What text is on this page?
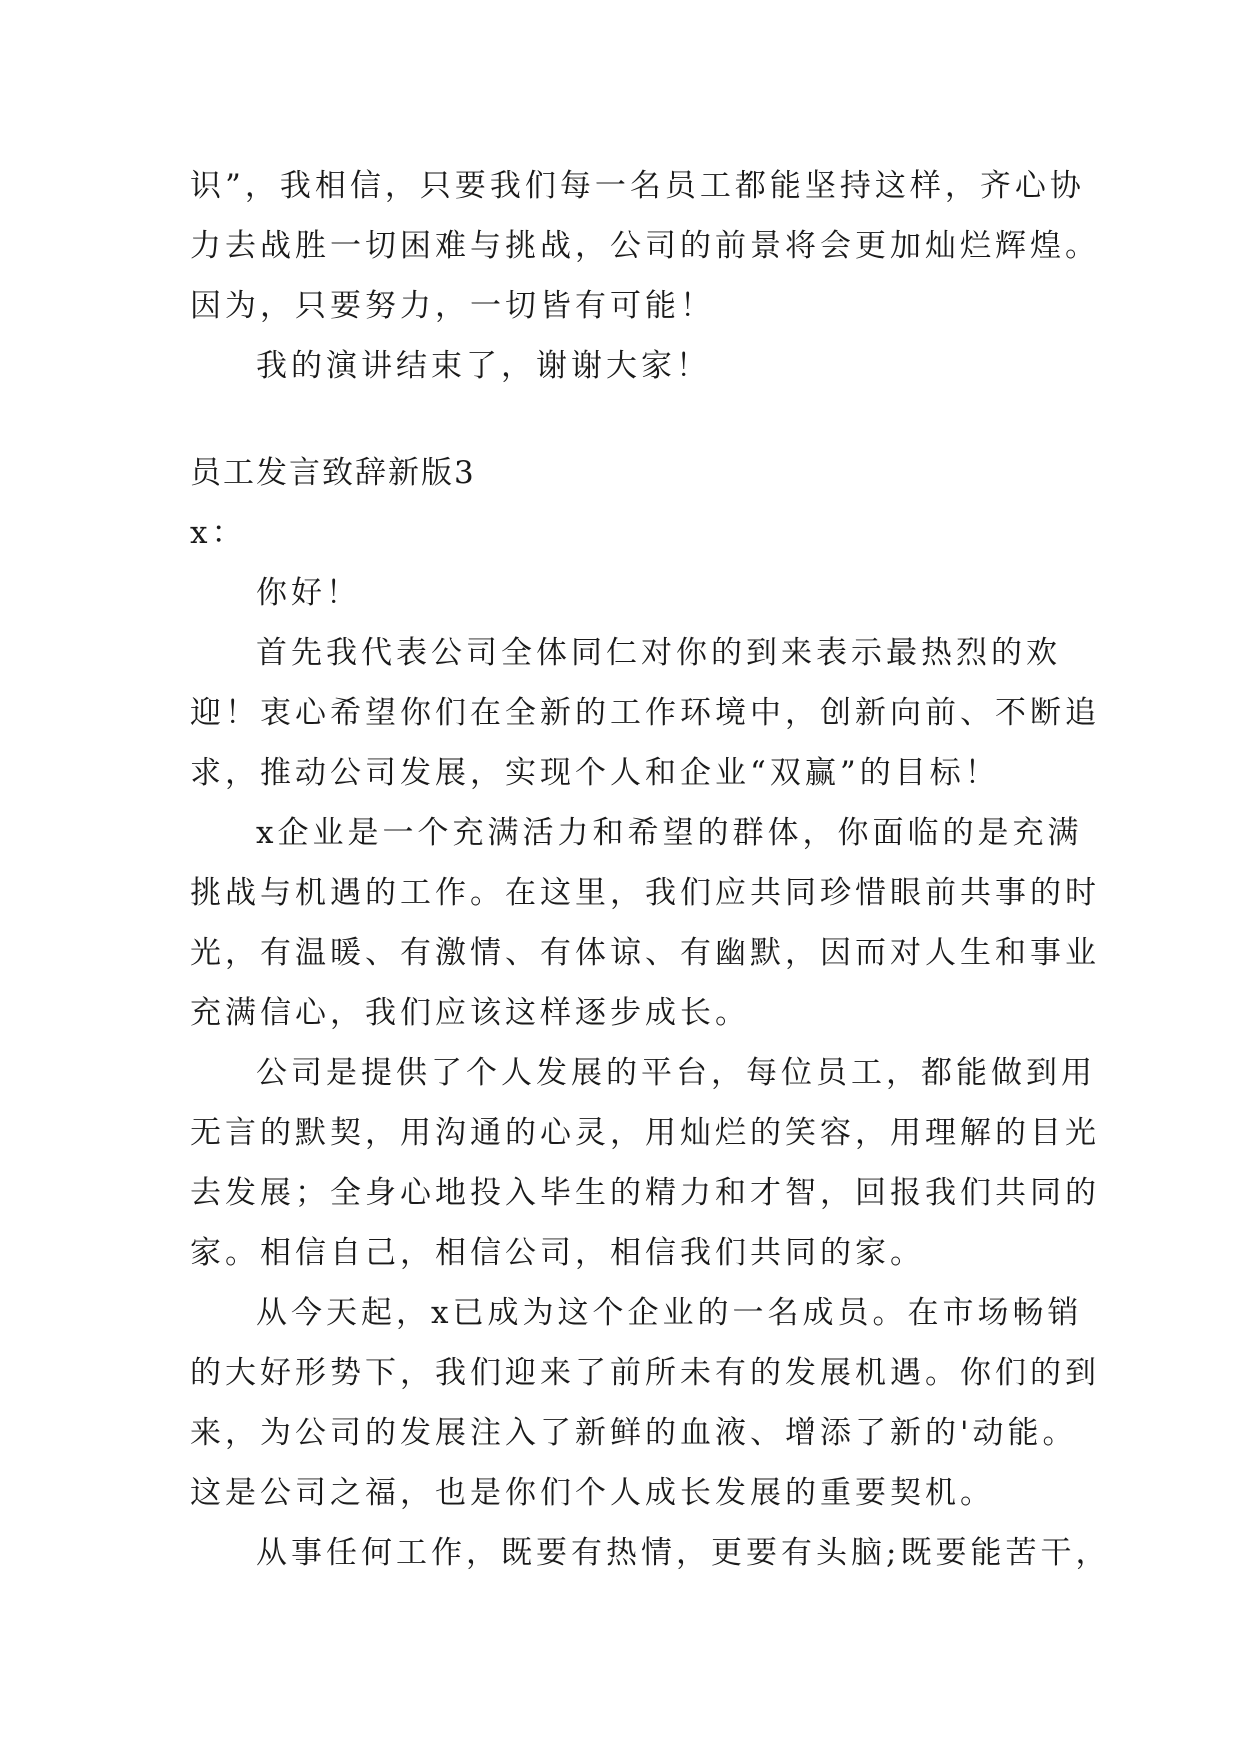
识”，我相信，只要我们每一名员工都能坚持这样，齐心协
力去战胜一切困难与挑战，公司的前景将会更加灿烂辉煌。
因为，只要努力，一切皆有可能！
我的演讲结束了，谢谢大家！
员工发言致辞新版3
x：
你好！
首先我代表公司全体同仁对你的到来表示最热烈的欢
迎！衷心希望你们在全新的工作环境中，创新向前、不断追
求，推动公司发展，实现个人和企业“双赢”的目标！
x企业是一个充满活力和希望的群体，你面临的是充满
挑战与机遇的工作。在这里，我们应共同珍惜眼前共事的时
光，有温暖、有激情、有体谅、有幽默，因而对人生和事业
充满信心，我们应该这样逐步成长。
公司是提供了个人发展的平台，每位员工，都能做到用
无言的默契，用沟通的心灵，用灿烂的笑容，用理解的目光
去发展；全身心地投入毕生的精力和才智，回报我们共同的
家。相信自己，相信公司，相信我们共同的家。
从今天起，x已成为这个企业的一名成员。在市场畅销
的大好形势下，我们迎来了前所未有的发展机遇。你们的到
来，为公司的发展注入了新鲜的血液、增添了新的'动能。
这是公司之福，也是你们个人成长发展的重要契机。
从事任何工作，既要有热情，更要有头脑;既要能苦干，
